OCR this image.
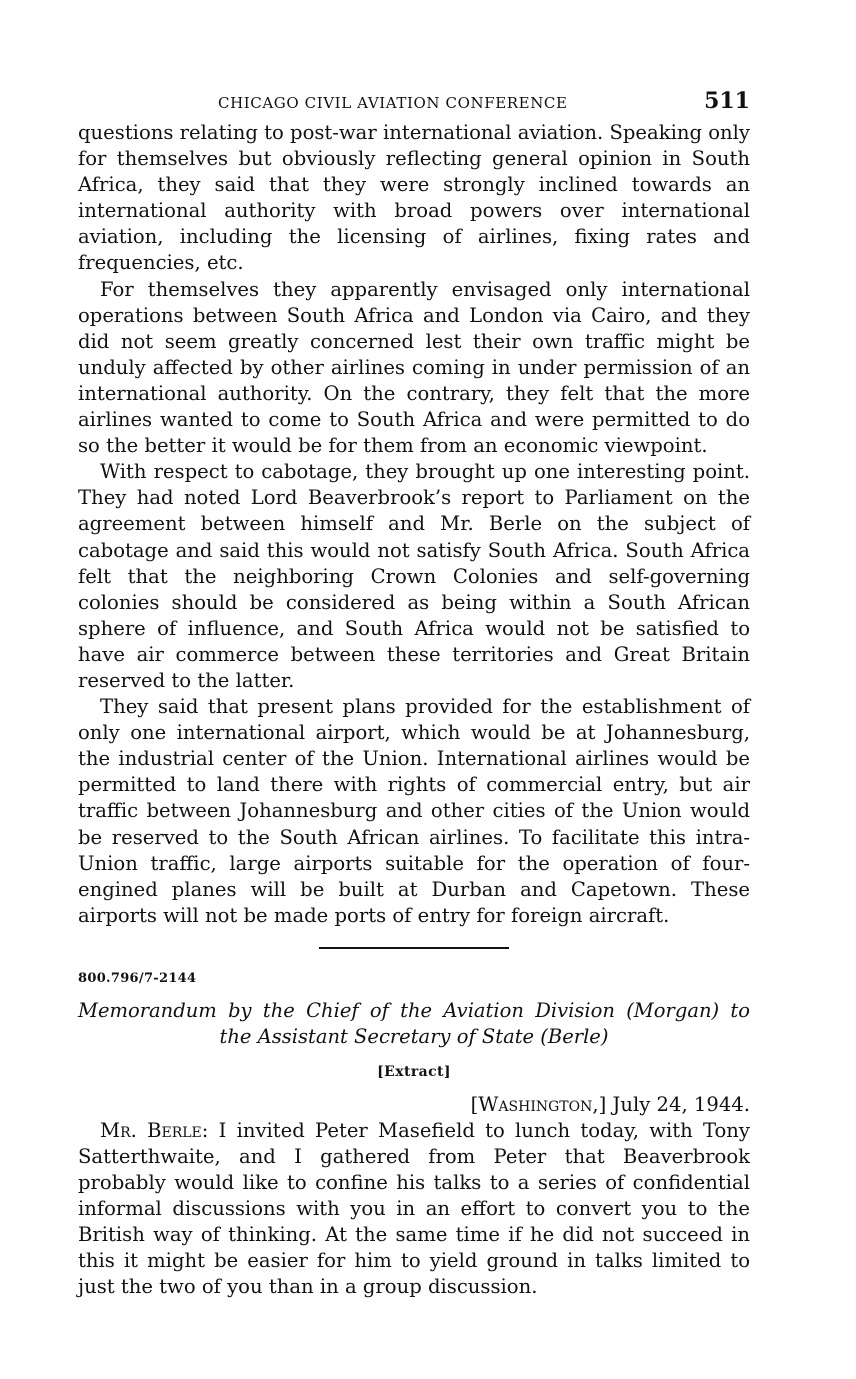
CHICAGO CIVIL AVIATION CONFERENCE	511

questions relating to post-war international aviation. Speaking only for themselves but obviously reflecting general opinion in South Africa, they said that they were strongly inclined towards an international authority with broad powers over international aviation, including the licensing of airlines, fixing rates and frequencies, etc.

For themselves they apparently envisaged only international operations between South Africa and London via Cairo, and they did not seem greatly concerned lest their own traffic might be unduly affected by other airlines coming in under permission of an international authority. On the contrary, they felt that the more airlines wanted to come to South Africa and were permitted to do so the better it would be for them from an economic viewpoint.

With respect to cabotage, they brought up one interesting point. They had noted Lord Beaverbrook’s report to Parliament on the agreement between himself and Mr. Berle on the subject of cabotage and said this would not satisfy South Africa. South Africa felt that the neighboring Crown Colonies and self-governing colonies should be considered as being within a South African sphere of influence, and South Africa would not be satisfied to have air commerce between these territories and Great Britain reserved to the latter.

They said that present plans provided for the establishment of only one international airport, which would be at Johannesburg, the industrial center of the Union. International airlines would be permitted to land there with rights of commercial entry, but air traffic between Johannesburg and other cities of the Union would be reserved to the South African airlines. To facilitate this intra-Union traffic, large airports suitable for the operation of four-engined planes will be built at Durban and Capetown. These airports will not be made ports of entry for foreign aircraft.

800.796/7-2144
Memorandum by the Chief of the Aviation Division (Morgan) to
the Assistant Secretary of State (Berle)
[Extract]
[Washington,] July 24, 1944.

Mr. Berle: I invited Peter Masefield to lunch today, with Tony Satterthwaite, and I gathered from Peter that Beaverbrook probably would like to confine his talks to a series of confidential informal discussions with you in an effort to convert you to the British way of thinking. At the same time if he did not succeed in this it might be easier for him to yield ground in talks limited to just the two of you than in a group discussion.
